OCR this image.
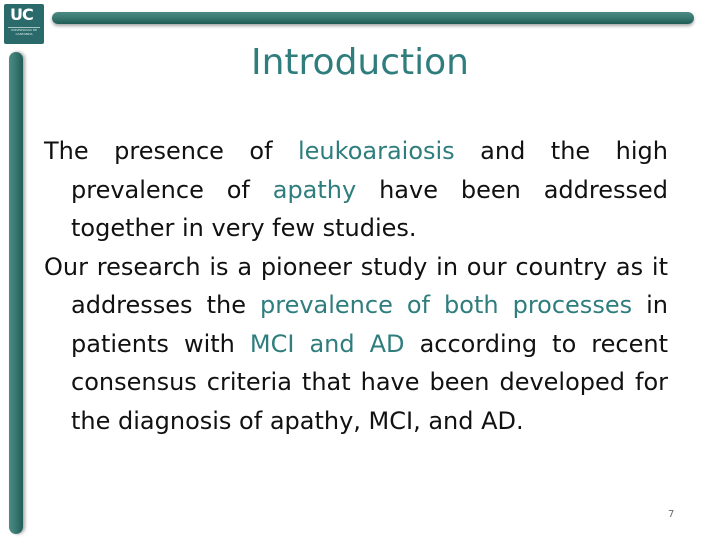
UC
UNIVERSIDAD DE CANTABRIA
Introduction

The presence of leukoaraiosis and the high prevalence of apathy have been addressed together in very few studies.

Our research is a pioneer study in our country as it addresses the prevalence of both processes in patients with MCI and AD according to recent consensus criteria that have been developed for the diagnosis of apathy, MCI, and AD.

7
